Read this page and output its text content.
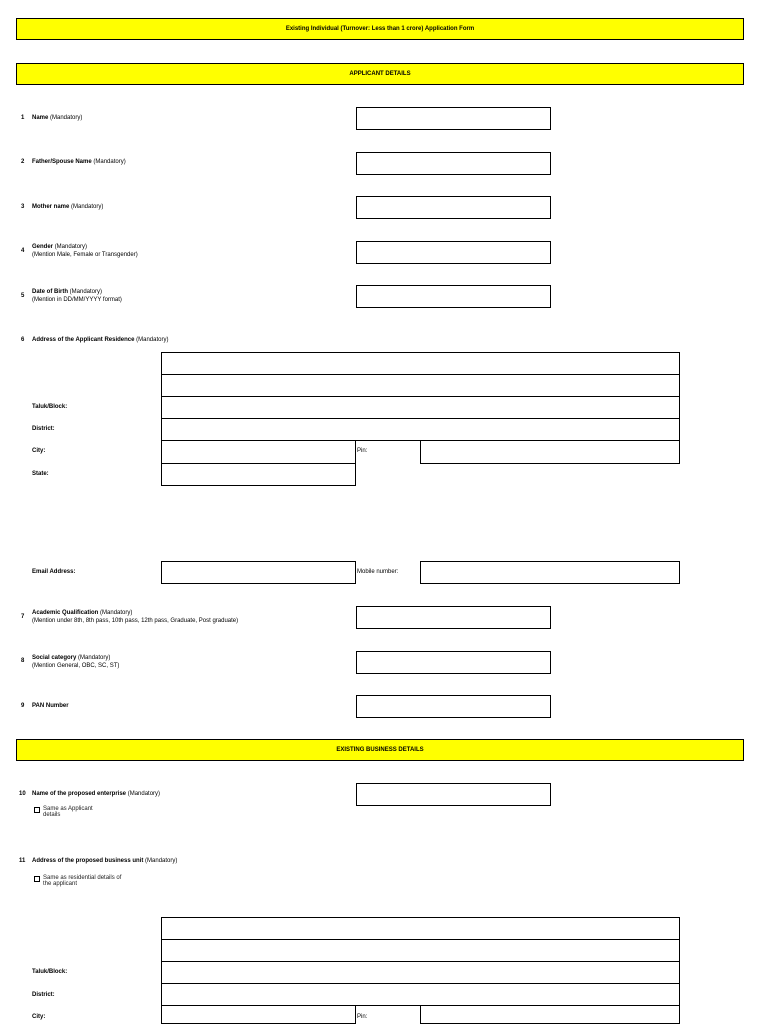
Existing Individual (Turnover: Less than 1 crore) Application Form
APPLICANT DETAILS
1 Name (Mandatory)
2 Father/Spouse Name (Mandatory)
3 Mother name (Mandatory)
4
Gender (Mandatory)
(Mention Male, Female or Transgender)
5
Date of Birth (Mandatory)
(Mention in DD/MM/YYYY format)
6 Address of the Applicant Residence (Mandatory)
Taluk/Block:
District:
City:	Pin:
State:
Email Address:	Mobile number:
7
Academic Qualification (Mandatory)
(Mention under 8th, 8th pass, 10th pass, 12th pass, Graduate, Post graduate)
8 Social category (Mandatory)
(Mention General, OBC, SC, ST)
9 PAN Number
EXISTING BUSINESS DETAILS
10 Name of the proposed enterprise (Mandatory)
Same as Applicant details
11 Address of the proposed business unit (Mandatory)
Same as residential details of the applicant
Taluk/Block:
District:
City:	Pin:
